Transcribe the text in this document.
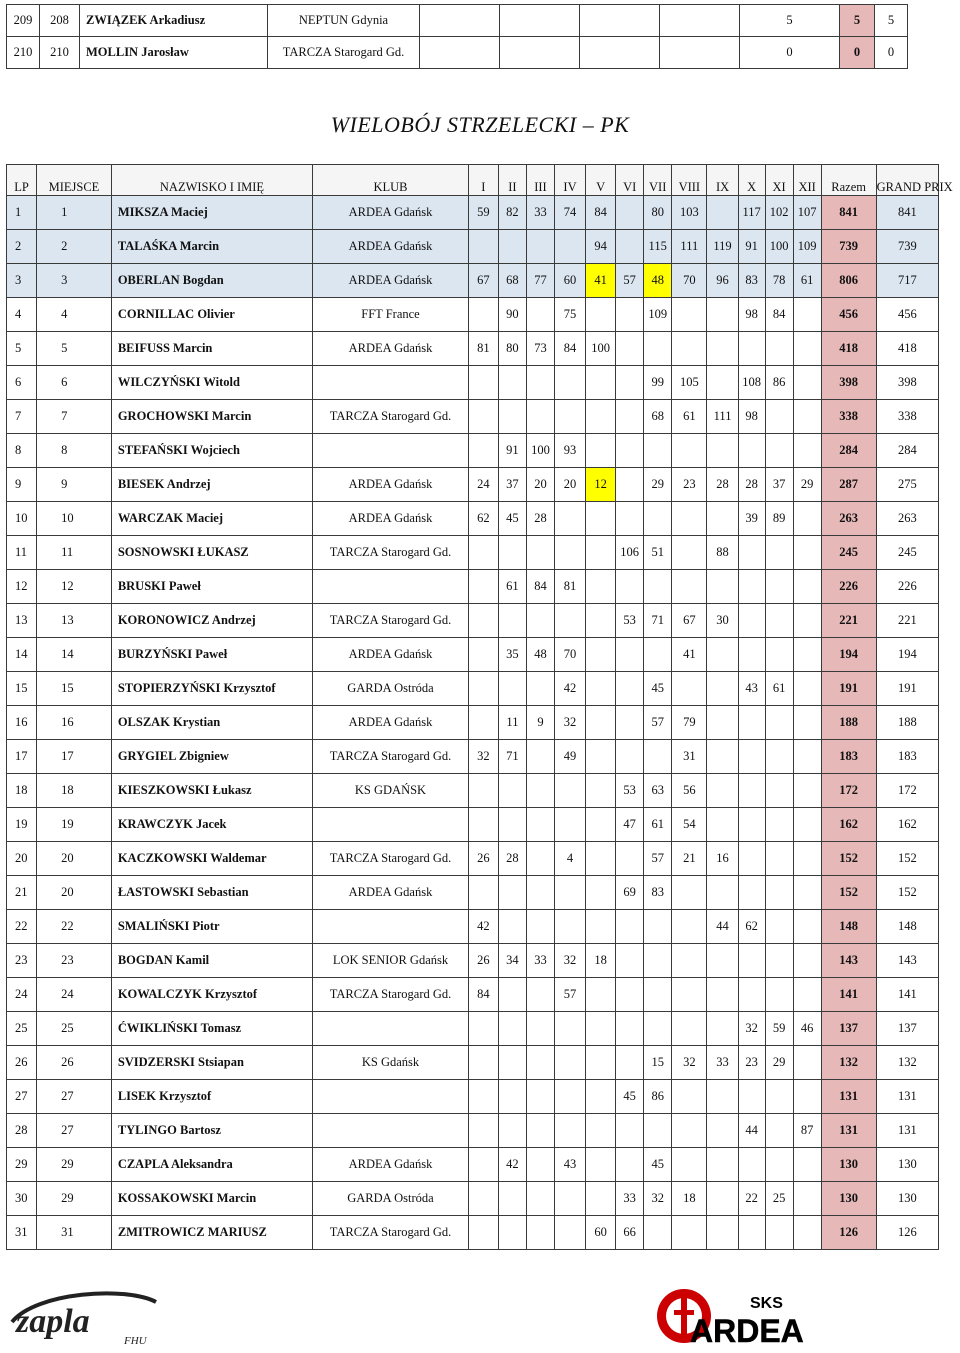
209	208	ZWIĄZEK Arkadiusz	NEPTUN Gdynia					5	5	5
210	210	MOLLIN Jarosław	TARCZA Starogard Gd.					0	0	0
WIELOBÓJ STRZELECKI – PK
LP	MIEJSCE	NAZWISKO I IMIĘ	KLUB	I	II	III	IV	V	VI	VII	VIII	IX	X	XI	XII	Razem	GRAND PRIX
1	1	MIKSZA Maciej	ARDEA Gdańsk	59	82	33	74	84		80	103		117	102	107	841	841
2	2	TALAŚKA Marcin	ARDEA Gdańsk					94		115	111	119	91	100	109	739	739
3	3	OBERLAN Bogdan	ARDEA Gdańsk	67	68	77	60	41	57	48	70	96	83	78	61	806	717
4	4	CORNILLAC Olivier	FFT France		90		75			109			98	84		456	456
5	5	BEIFUSS Marcin	ARDEA Gdańsk	81	80	73	84	100								418	418
6	6	WILCZYŃSKI Witold								99	105		108	86		398	398
7	7	GROCHOWSKI Marcin	TARCZA Starogard Gd.							68	61	111	98			338	338
8	8	STEFAŃSKI Wojciech			91	100	93									284	284
9	9	BIESEK Andrzej	ARDEA Gdańsk	24	37	20	20	12		29	23	28	28	37	29	287	275
10	10	WARCZAK Maciej	ARDEA Gdańsk	62	45	28							39	89		263	263
11	11	SOSNOWSKI ŁUKASZ	TARCZA Starogard Gd.						106	51		88				245	245
12	12	BRUSKI Paweł			61	84	81									226	226
13	13	KORONOWICZ Andrzej	TARCZA Starogard Gd.						53	71	67	30				221	221
14	14	BURZYŃSKI Paweł	ARDEA Gdańsk		35	48	70				41					194	194
15	15	STOPIERZYŃSKI Krzysztof	GARDA Ostróda				42			45			43	61		191	191
16	16	OLSZAK Krystian	ARDEA Gdańsk		11	9	32			57	79					188	188
17	17	GRYGIEL Zbigniew	TARCZA Starogard Gd.	32	71		49				31					183	183
18	18	KIESZKOWSKI Łukasz	KS GDAŃSK						53	63	56					172	172
19	19	KRAWCZYK Jacek							47	61	54					162	162
20	20	KACZKOWSKI Waldemar	TARCZA Starogard Gd.	26	28		4			57	21	16				152	152
21	20	ŁASTOWSKI Sebastian	ARDEA Gdańsk						69	83						152	152
22	22	SMALIŃSKI Piotr		42								44	62			148	148
23	23	BOGDAN Kamil	LOK SENIOR Gdańsk	26	34	33	32	18								143	143
24	24	KOWALCZYK Krzysztof	TARCZA Starogard Gd.	84			57									141	141
25	25	ĆWIKLIŃSKI Tomasz											32	59	46	137	137
26	26	SVIDZERSKI Stsiapan	KS Gdańsk							15	32	33	23	29		132	132
27	27	LISEK Krzysztof							45	86						131	131
28	27	TYLINGO Bartosz											44		87	131	131
29	29	CZAPLA Aleksandra	ARDEA Gdańsk		42		43			45						130	130
30	29	KOSSAKOWSKI Marcin	GARDA Ostróda						33	32	18		22	25		130	130
31	31	ZMITROWICZ MARIUSZ	TARCZA Starogard Gd.					60	66							126	126
zapla
FHU
SKS
ARDEA
